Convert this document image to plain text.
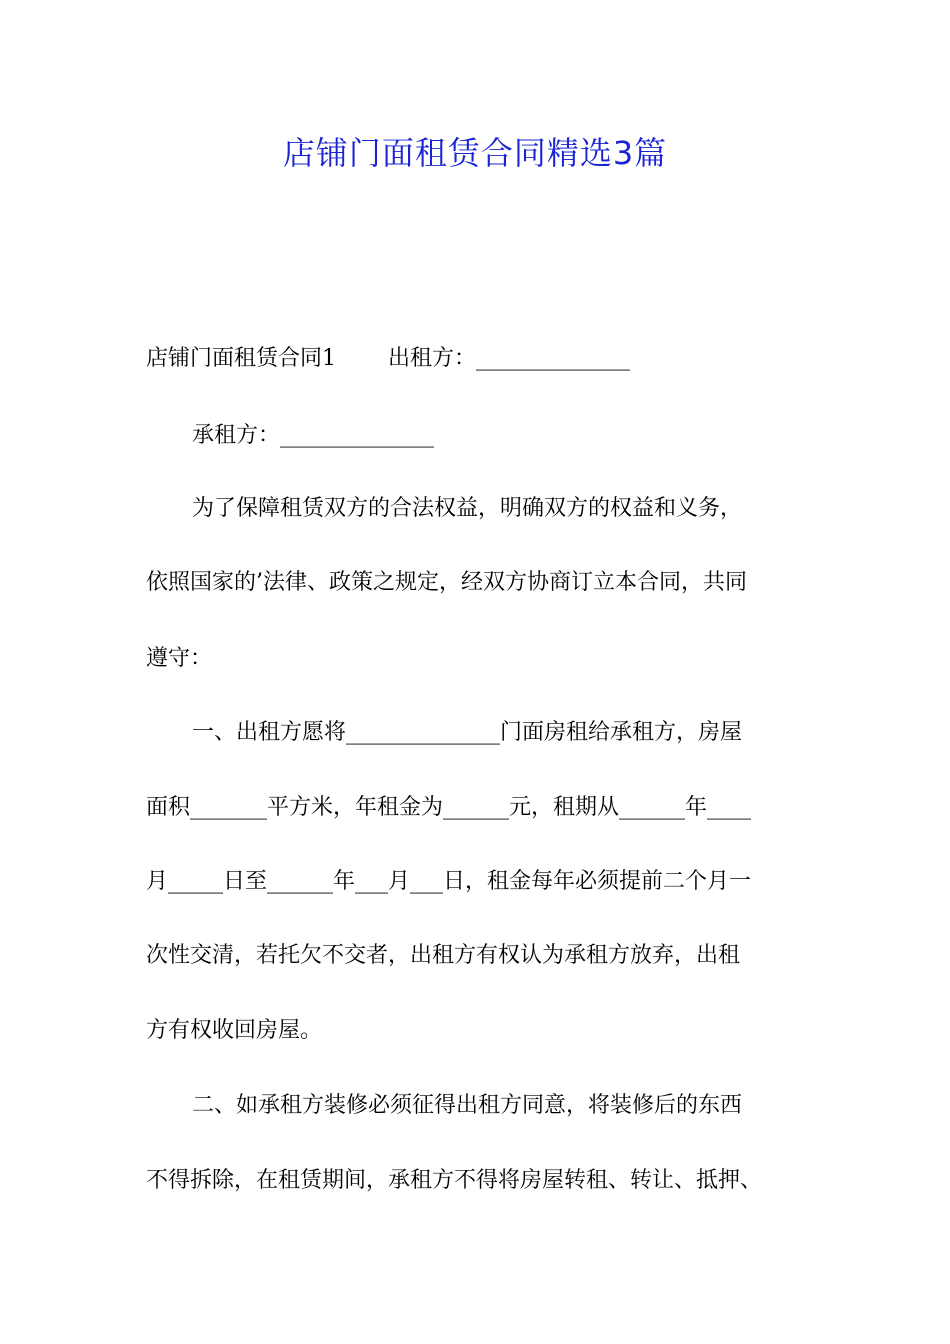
店铺门面租赁合同精选3篇
店铺门面租赁合同1 出租方：______________
承租方：______________
为了保障租赁双方的合法权益，明确双方的权益和义务，
依照国家的’法律、政策之规定，经双方协商订立本合同，共同
遵守：
一、出租方愿将______________门面房租给承租方，房屋
面积_______平方米，年租金为______元，租期从______年____
月_____日至______年___月___日，租金每年必须提前二个月一
次性交清，若托欠不交者，出租方有权认为承租方放弃，出租
方有权收回房屋。
二、如承租方装修必须征得出租方同意，将装修后的东西
不得拆除，在租赁期间，承租方不得将房屋转租、转让、抵押、
